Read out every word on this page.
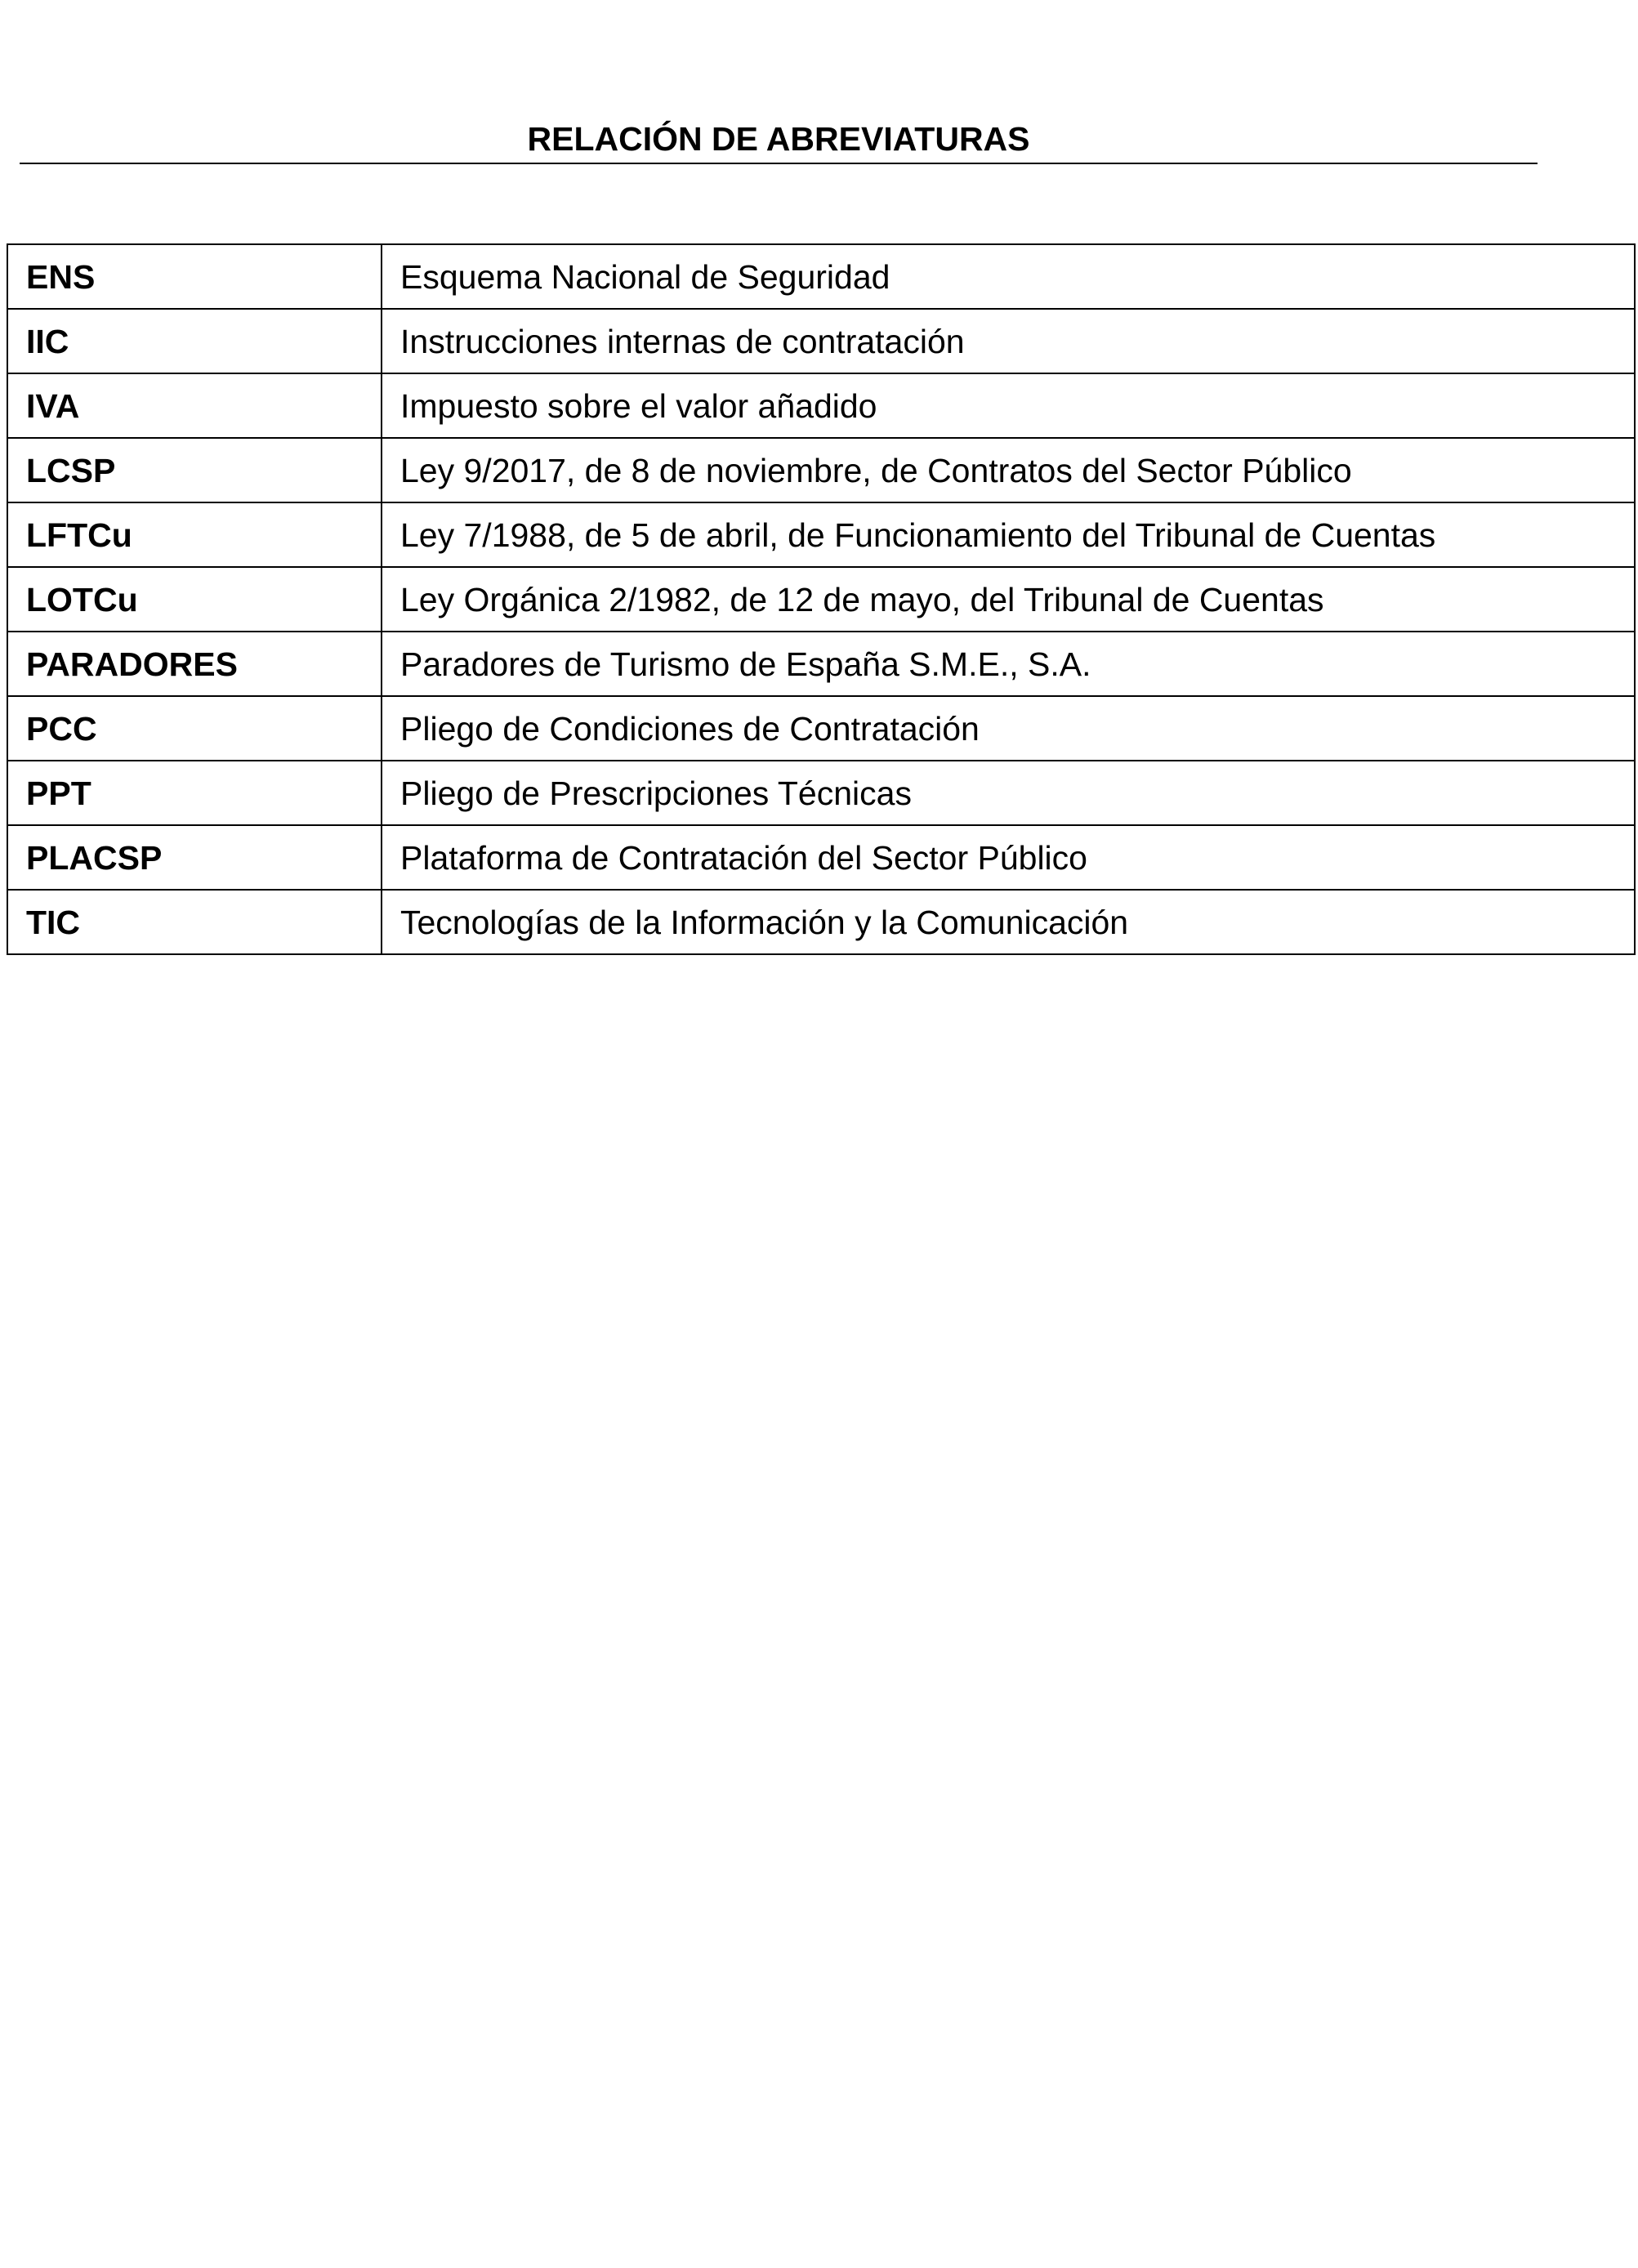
RELACIÓN DE ABREVIATURAS
ENS	Esquema Nacional de Seguridad
IIC	Instrucciones internas de contratación
IVA	Impuesto sobre el valor añadido
LCSP	Ley 9/2017, de 8 de noviembre, de Contratos del Sector Público
LFTCu	Ley 7/1988, de 5 de abril, de Funcionamiento del Tribunal de Cuentas
LOTCu	Ley Orgánica 2/1982, de 12 de mayo, del Tribunal de Cuentas
PARADORES	Paradores de Turismo de España S.M.E., S.A.
PCC	Pliego de Condiciones de Contratación
PPT	Pliego de Prescripciones Técnicas
PLACSP	Plataforma de Contratación del Sector Público
TIC	Tecnologías de la Información y la Comunicación
